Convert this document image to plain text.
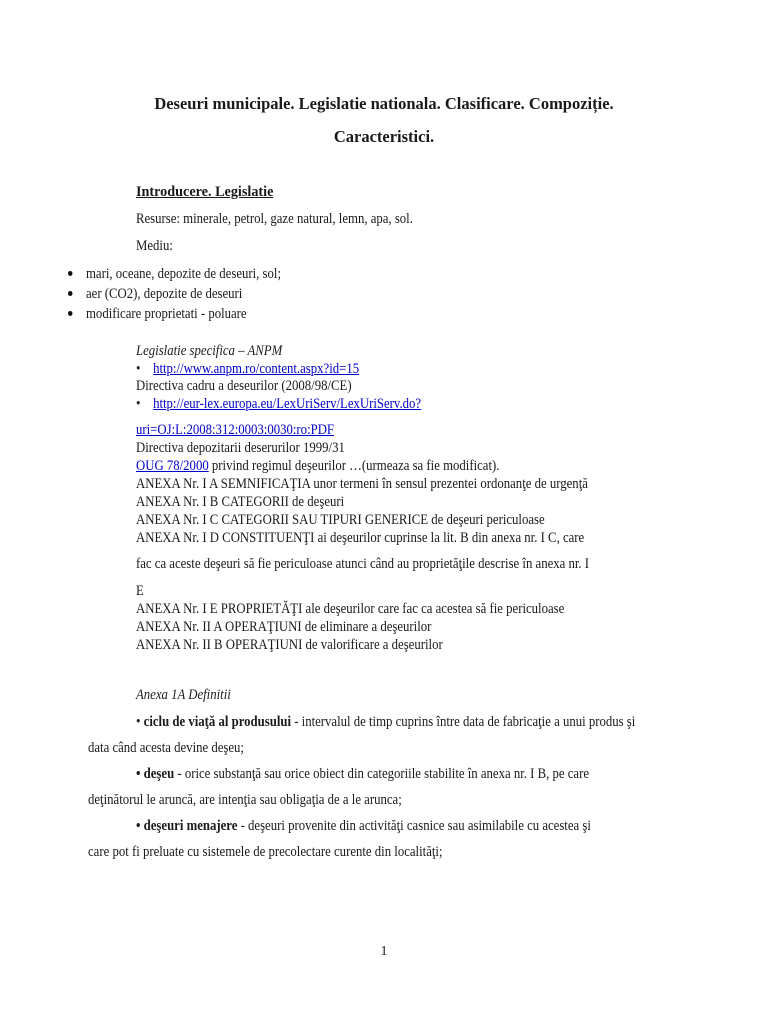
Deseuri municipale. Legislatie nationala. Clasificare. Compoziție.
Caracteristici.
Introducere. Legislatie
Resurse: minerale, petrol, gaze natural, lemn, apa, sol.
Mediu:
mari, oceane, depozite de deseuri, sol;
aer (CO2), depozite de deseuri
modificare proprietati - poluare
Legislatie specifica – ANPM
• http://www.anpm.ro/content.aspx?id=15
Directiva cadru a deseurilor (2008/98/CE)
• http://eur-lex.europa.eu/LexUriServ/LexUriServ.do?
uri=OJ:L:2008:312:0003:0030:ro:PDF
Directiva depozitarii deserurilor 1999/31
OUG 78/2000 privind regimul deşeurilor …(urmeaza sa fie modificat).
ANEXA Nr. I A SEMNIFICAŢIA unor termeni în sensul prezentei ordonanţe de urgenţă
ANEXA Nr. I B CATEGORII de deşeuri
ANEXA Nr. I C CATEGORII SAU TIPURI GENERICE de deşeuri periculoase
ANEXA Nr. I D CONSTITUENŢI ai deşeurilor cuprinse la lit. B din anexa nr. I C, care
fac ca aceste deşeuri să fie periculoase atunci când au proprietăţile descrise în anexa nr. I
E
ANEXA Nr. I E PROPRIETĂŢI ale deşeurilor care fac ca acestea să fie periculoase
ANEXA Nr. II A OPERAŢIUNI de eliminare a deşeurilor
ANEXA Nr. II B OPERAŢIUNI de valorificare a deşeurilor
Anexa 1A Definitii
• ciclu de viaţă al produsului - intervalul de timp cuprins între data de fabricaţie a unui produs şi
data când acesta devine deşeu;
• deşeu - orice substanţă sau orice obiect din categoriile stabilite în anexa nr. I B, pe care
deţinătorul le aruncă, are intenţia sau obligaţia de a le arunca;
• deşeuri menajere - deşeuri provenite din activităţi casnice sau asimilabile cu acestea şi
care pot fi preluate cu sistemele de precolectare curente din localităţi;
1
